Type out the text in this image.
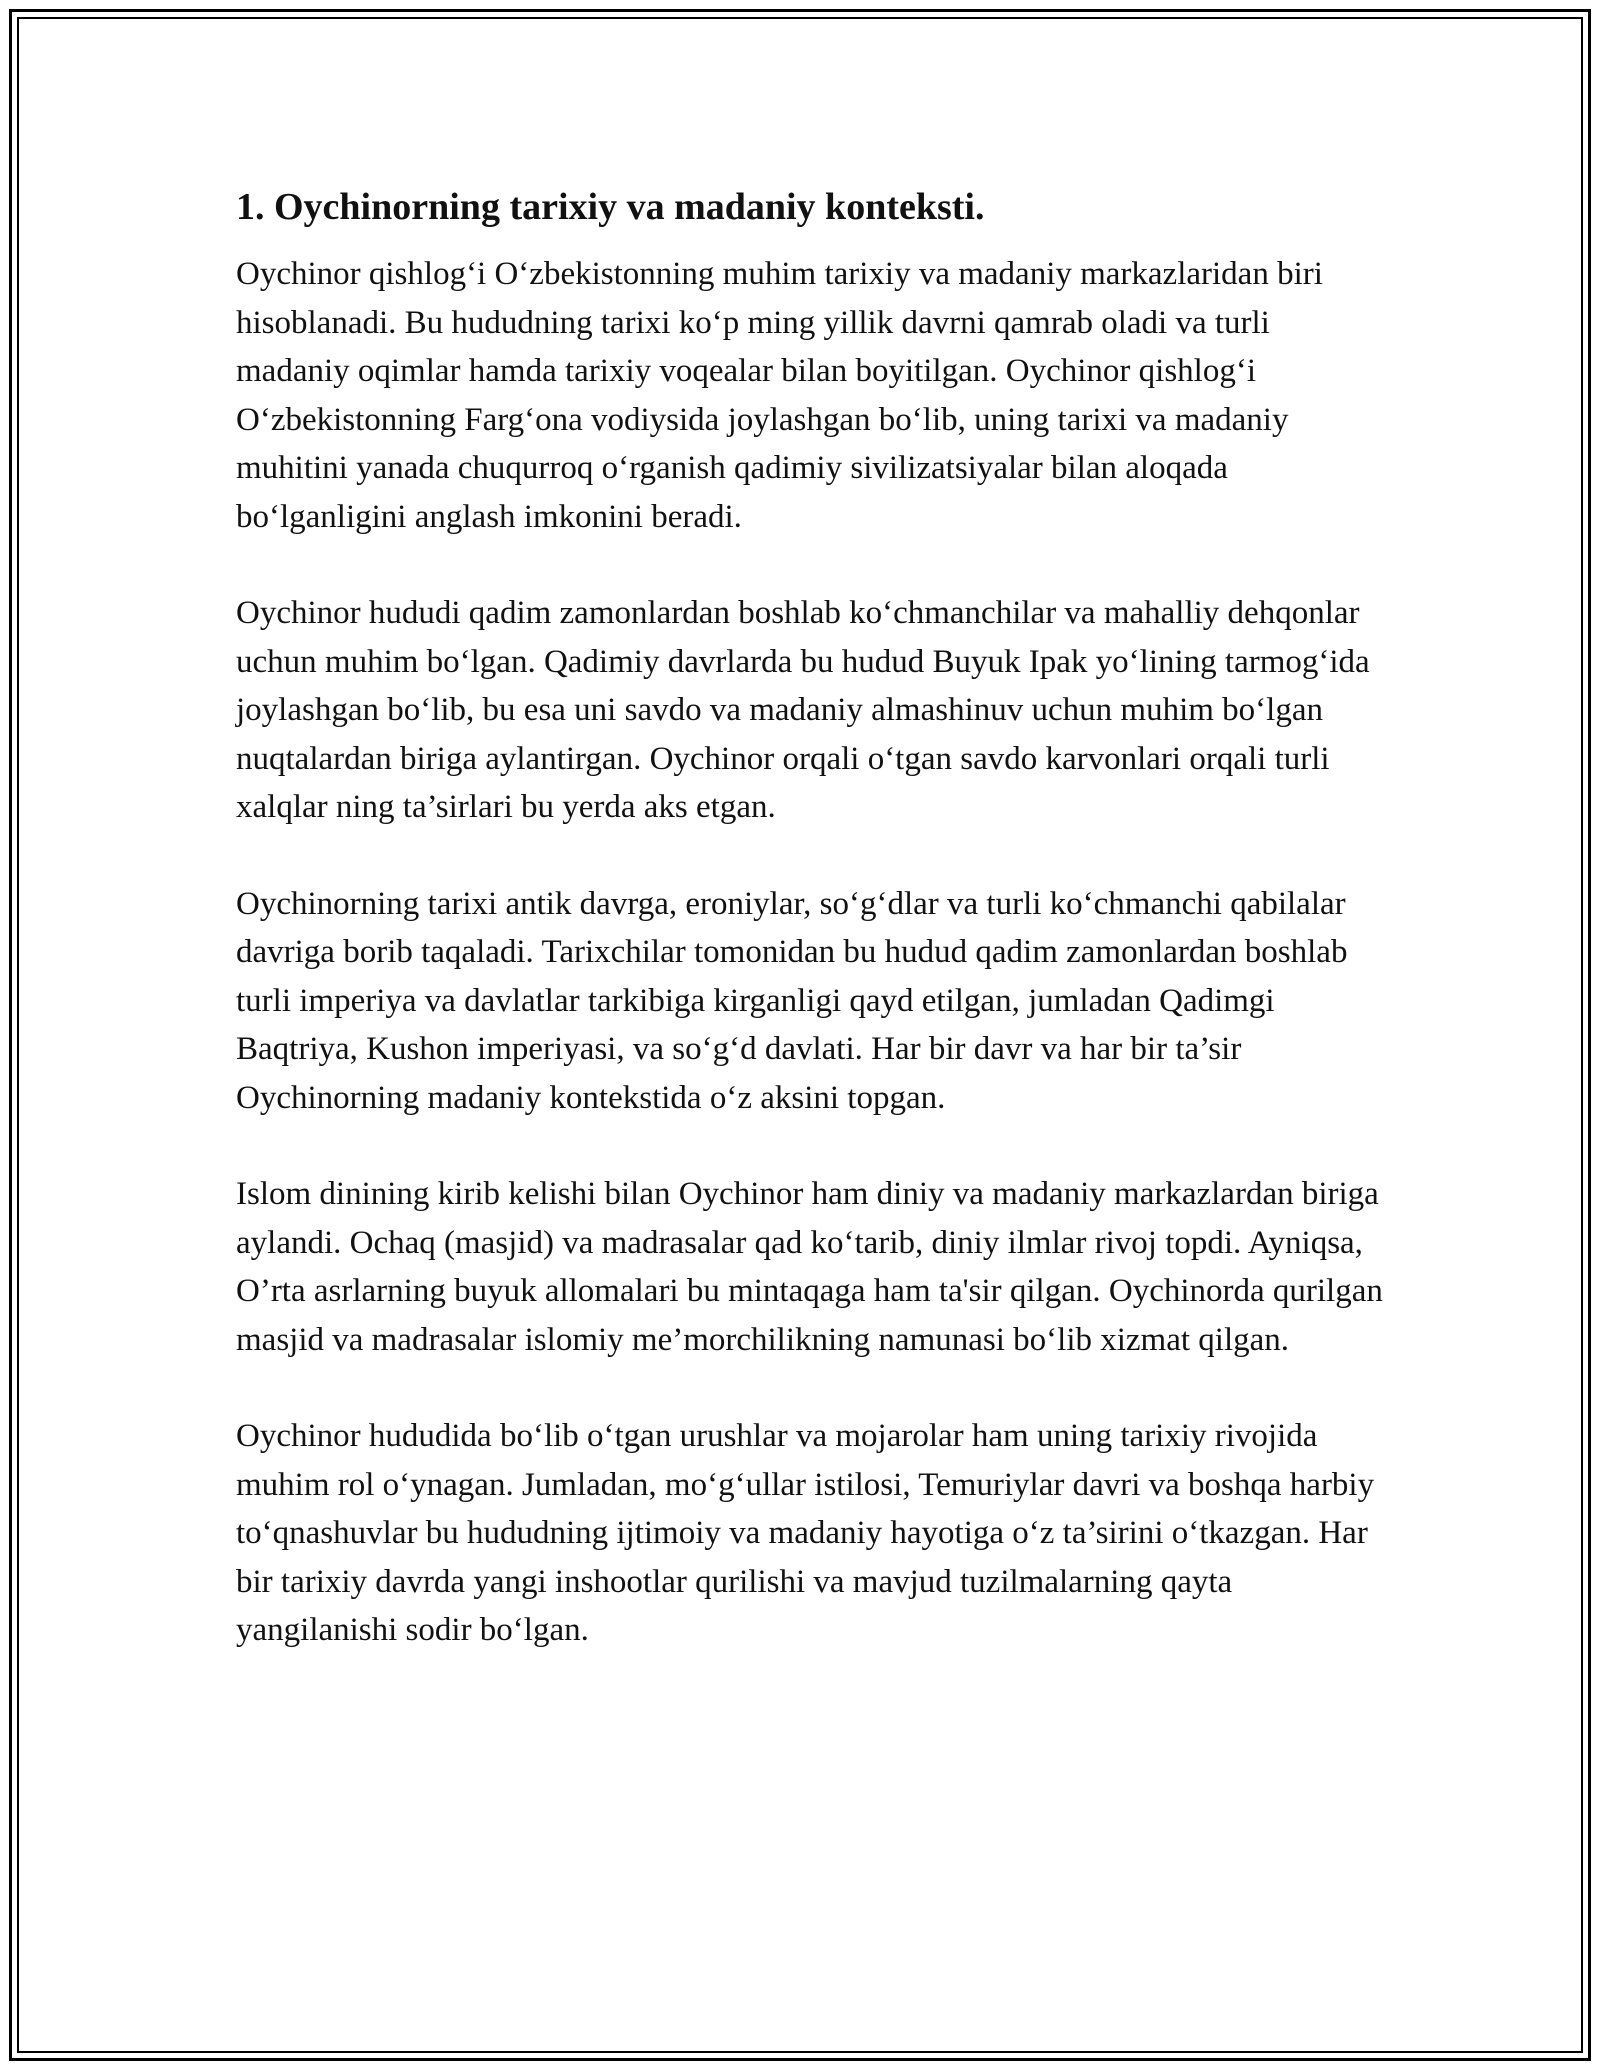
1. Oychinorning tarixiy va madaniy konteksti.

Oychinor qishlog‘i O‘zbekistonning muhim tarixiy va madaniy markazlaridan biri hisoblanadi. Bu hududning tarixi ko‘p ming yillik davrni qamrab oladi va turli madaniy oqimlar hamda tarixiy voqealar bilan boyitilgan. Oychinor qishlog‘i O‘zbekistonning Farg‘ona vodiysida joylashgan bo‘lib, uning tarixi va madaniy muhitini yanada chuqurroq o‘rganish qadimiy sivilizatsiyalar bilan aloqada bo‘lganligini anglash imkonini beradi.

Oychinor hududi qadim zamonlardan boshlab ko‘chmanchilar va mahalliy dehqonlar uchun muhim bo‘lgan. Qadimiy davrlarda bu hudud Buyuk Ipak yo‘lining tarmog‘ida joylashgan bo‘lib, bu esa uni savdo va madaniy almashinuv uchun muhim bo‘lgan nuqtalardan biriga aylantirgan. Oychinor orqali o‘tgan savdo karvonlari orqali turli xalqlar ning ta’sirlari bu yerda aks etgan.

Oychinorning tarixi antik davrga, eroniylar, so‘g‘dlar va turli ko‘chmanchi qabilalar davriga borib taqaladi. Tarixchilar tomonidan bu hudud qadim zamonlardan boshlab turli imperiya va davlatlar tarkibiga kirganligi qayd etilgan, jumladan Qadimgi Baqtriya, Kushon imperiyasi, va so‘g‘d davlati. Har bir davr va har bir ta’sir Oychinorning madaniy kontekstida o‘z aksini topgan.

Islom dinining kirib kelishi bilan Oychinor ham diniy va madaniy markazlardan biriga aylandi. Ochaq (masjid) va madrasalar qad ko‘tarib, diniy ilmlar rivoj topdi. Ayniqsa, O’rta asrlarning buyuk allomalari bu mintaqaga ham ta'sir qilgan. Oychinorda qurilgan masjid va madrasalar islomiy me’morchilikning namunasi bo‘lib xizmat qilgan.

Oychinor hududida bo‘lib o‘tgan urushlar va mojarolar ham uning tarixiy rivojida muhim rol o‘ynagan. Jumladan, mo‘g‘ullar istilosi, Temuriylar davri va boshqa harbiy to‘qnashuvlar bu hududning ijtimoiy va madaniy hayotiga o‘z ta’sirini o‘tkazgan. Har bir tarixiy davrda yangi inshootlar qurilishi va mavjud tuzilmalarning qayta yangilanishi sodir bo‘lgan.
